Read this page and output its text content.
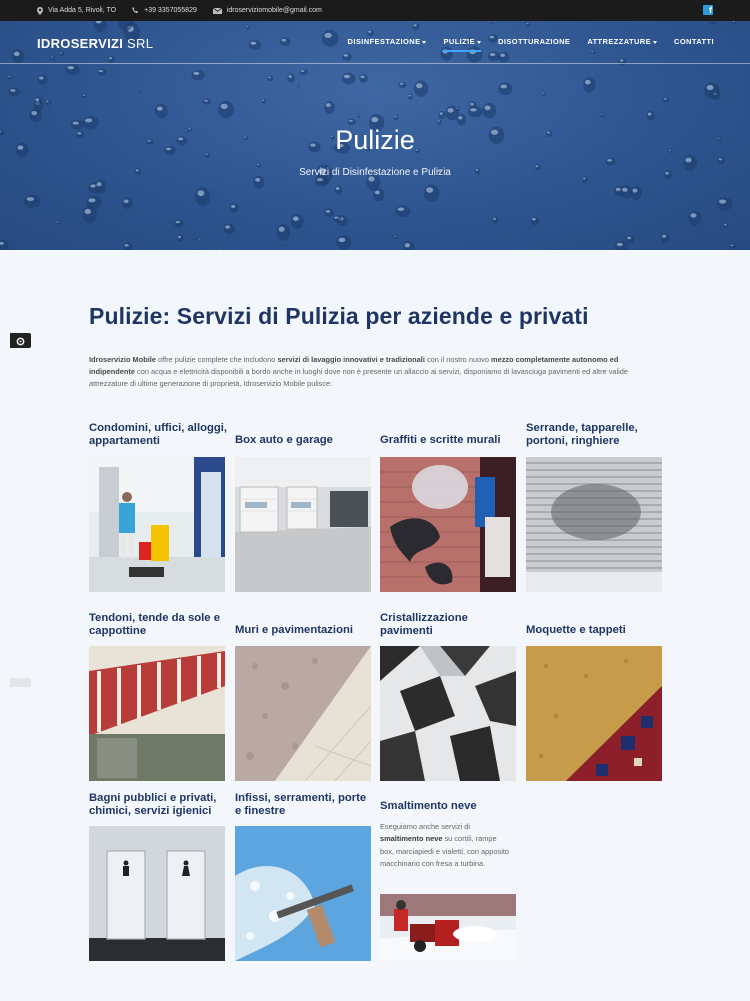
Via Adda 5, Rivoli, TO	+39 3357055829	idroserviziomobile@gmail.com	f
IDROSERVIZI SRL	DISINFESTAZIONE	PULIZIE	DISOTTURAZIONE ATTREZZATURE	CONTATTI
Pulizie
Servizi di Disinfestazione e Pulizia
Pulizie: Servizi di Pulizia per aziende e privati

Idroservizio Mobile offre pulizie complete che includono servizi di lavaggio innovativi e tradizionali con il nostro nuovo mezzo completamente autonomo ed indipendente con acqua e elettricità disponibili a bordo anche in luoghi dove non è presente un allaccio ai servizi, disponiamo di lavasciuga pavimenti ed altre valide attrezzature di ultime generazione di proprietà, Idroservizio Mobile pulisce:

Condomini, uffici, alloggi, appartamenti	Box auto e garage	Graffiti e scritte murali
Serrande, tapparelle, portoni, ringhiere
Tendoni, tende da sole e cappottine	Muri e pavimentazioni
Cristallizzazione pavimenti	Moquette e tappeti
Bagni pubblici e privati, chimici, servizi igienici
Infissi, serramenti, porte e finestre	Smaltimento neve

Eseguiamo anche servizi di smaltimento neve su cortili, rampe box, marciapiedi e vialetti, con apposito macchinario con fresa a turbina.
